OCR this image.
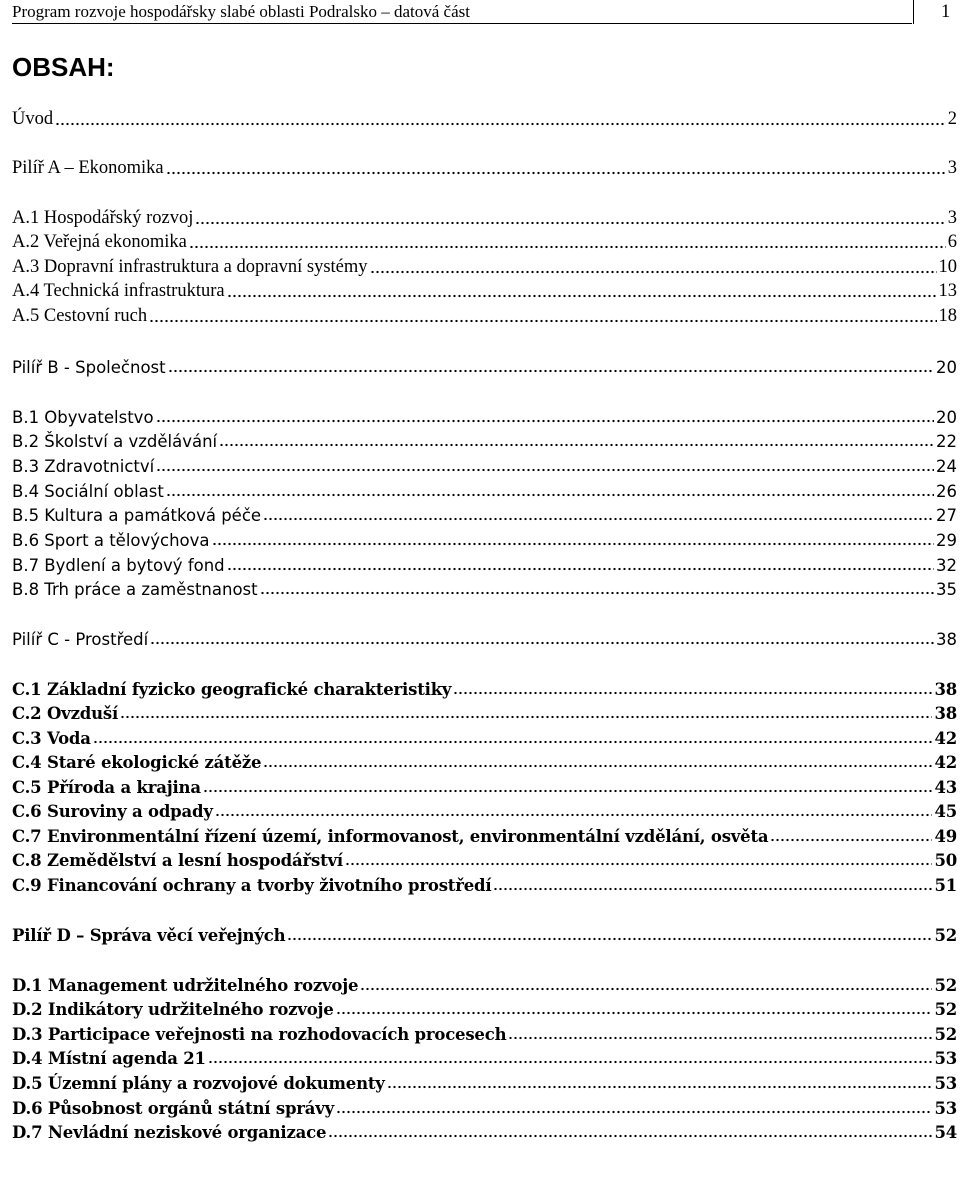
Program rozvoje hospodářsky slabé oblasti Podralsko – datová část	1
OBSAH:
Úvod	2
Pilíř A – Ekonomika	3
A.1 Hospodářský rozvoj	3
A.2 Veřejná ekonomika	6
A.3 Dopravní infrastruktura a dopravní systémy	10
A.4 Technická infrastruktura	13
A.5 Cestovní ruch	18
Pilíř B - Společnost	20
B.1 Obyvatelstvo	20
B.2 Školství a vzdělávání	22
B.3 Zdravotnictví	24
B.4 Sociální oblast	26
B.5 Kultura a památková péče	27
B.6 Sport a tělovýchova	29
B.7 Bydlení a bytový fond	32
B.8 Trh práce a zaměstnanost	35
Pilíř C - Prostředí	38
C.1 Základní fyzicko geografické charakteristiky	38
C.2 Ovzduší	38
C.3 Voda	42
C.4 Staré ekologické zátěže	42
C.5 Příroda a krajina	43
C.6 Suroviny a odpady	45
C.7 Environmentální řízení území, informovanost, environmentální vzdělání, osvěta	49
C.8 Zemědělství a lesní hospodářství	50
C.9 Financování ochrany a tvorby životního prostředí	51
Pilíř D – Správa věcí veřejných	52
D.1 Management udržitelného rozvoje	52
D.2 Indikátory udržitelného rozvoje	52
D.3 Participace veřejnosti na rozhodovacích procesech	52
D.4 Místní agenda 21	53
D.5 Územní plány a rozvojové dokumenty	53
D.6 Působnost orgánů státní správy	53
D.7 Nevládní neziskové organizace	54
